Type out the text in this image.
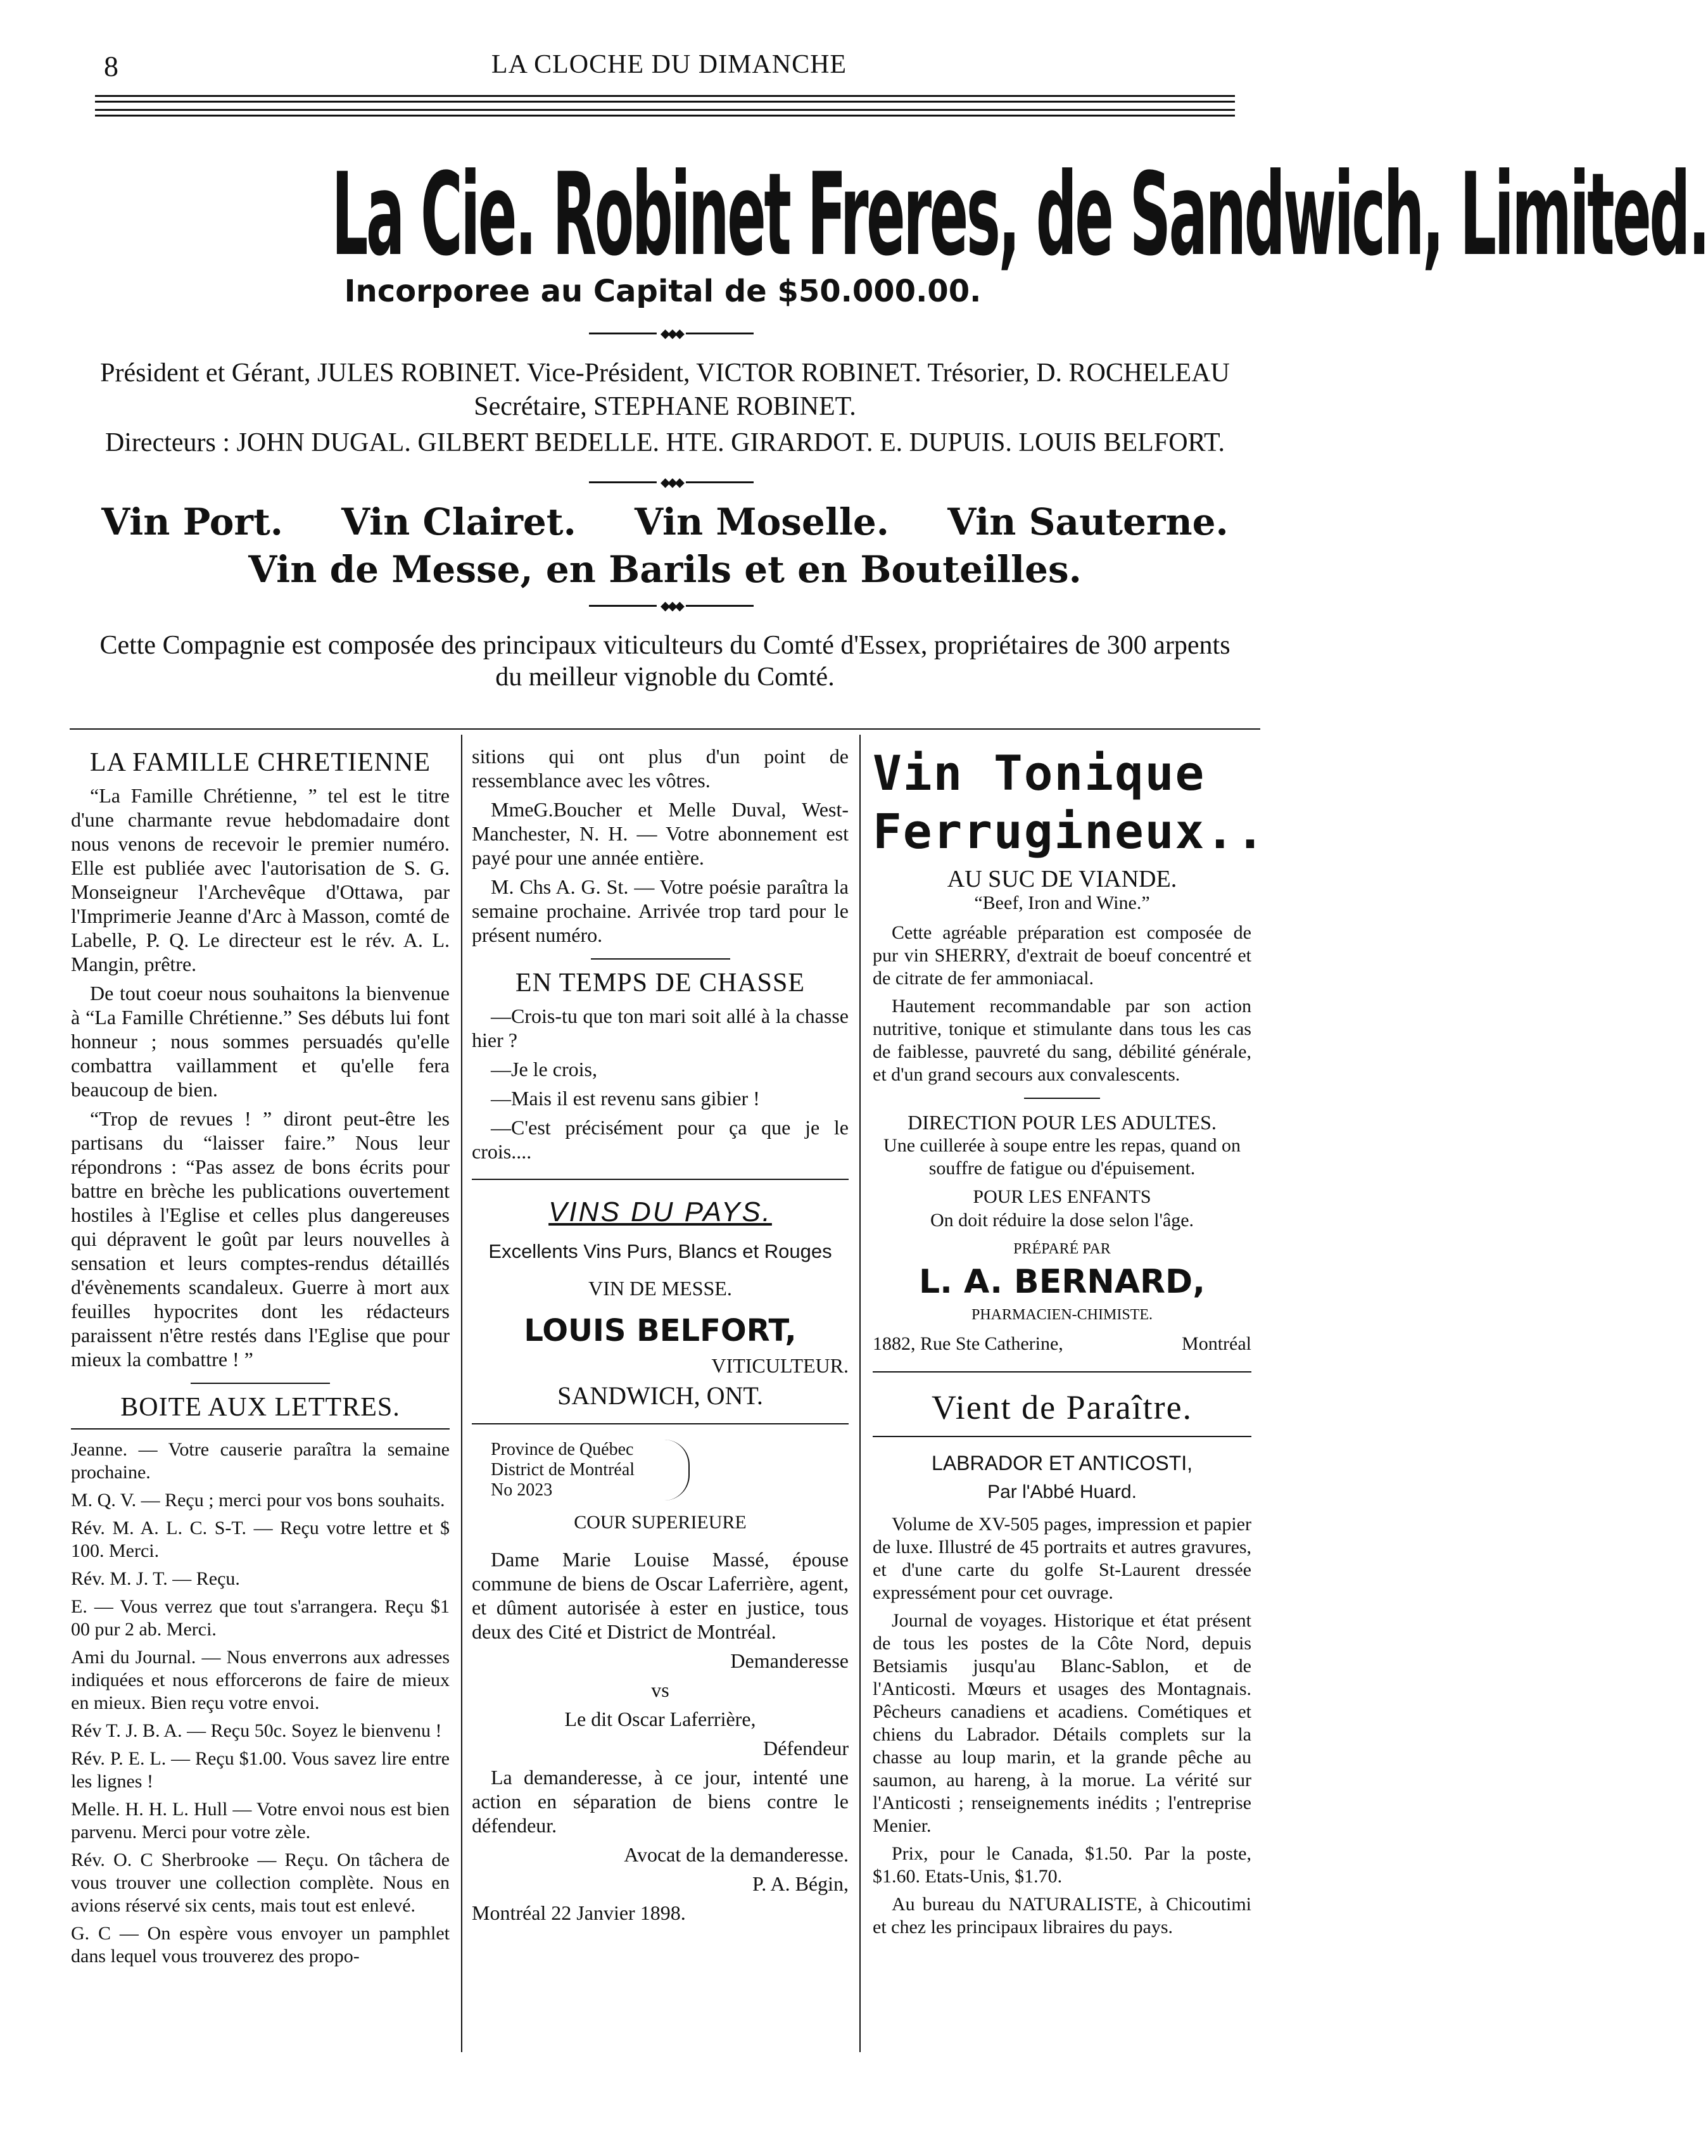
8	LA CLOCHE DU DIMANCHE
La Cie. Robinet Freres, de Sandwich, Limited.
Incorporee au Capital de $50.000.00.
◆◆◆
Président et Gérant, JULES ROBINET. Vice-Président, VICTOR ROBINET. Trésorier, D. ROCHELEAU
Secrétaire, STEPHANE ROBINET.
Directeurs : JOHN DUGAL. GILBERT BEDELLE. HTE. GIRARDOT. E. DUPUIS. LOUIS BELFORT.
◆◆◆
Vin Port. Vin Clairet. Vin Moselle. Vin Sauterne.
Vin de Messe, en Barils et en Bouteilles.
◆◆◆
Cette Compagnie est composée des principaux viticulteurs du Comté d'Essex, propriétaires de 300 arpents
du meilleur vignoble du Comté.
LA FAMILLE CHRETIENNE

“La Famille Chrétienne, ” tel est le titre d'une charmante revue hebdomadaire dont nous venons de recevoir le premier numéro. Elle est publiée avec l'autorisation de S. G. Monseigneur l'Archevêque d'Ottawa, par l'Imprimerie Jeanne d'Arc à Masson, comté de Labelle, P. Q. Le directeur est le rév. A. L. Mangin, prêtre.

De tout coeur nous souhaitons la bienvenue à “La Famille Chrétienne.” Ses débuts lui font honneur ; nous sommes persuadés qu'elle combattra vaillamment et qu'elle fera beaucoup de bien.

“Trop de revues ! ” diront peut-être les partisans du “laisser faire.” Nous leur répondrons : “Pas assez de bons écrits pour battre en brèche les publications ouvertement hostiles à l'Eglise et celles plus dangereuses qui dépravent le goût par leurs nouvelles à sensation et leurs comptes-rendus détaillés d'évènements scandaleux. Guerre à mort aux feuilles hypocrites dont les rédacteurs paraissent n'être restés dans l'Eglise que pour mieux la combattre ! ”

BOITE AUX LETTRES.

Jeanne. — Votre causerie paraîtra la semaine prochaine.

M. Q. V. — Reçu ; merci pour vos bons souhaits.

Rév. M. A. L. C. S-T. — Reçu votre lettre et $ 100. Merci.

Rév. M. J. T. — Reçu.

E. — Vous verrez que tout s'arrangera. Reçu $1 00 pur 2 ab. Merci.

Ami du Journal. — Nous enverrons aux adresses indiquées et nous efforcerons de faire de mieux en mieux. Bien reçu votre envoi.

Rév T. J. B. A. — Reçu 50c. Soyez le bienvenu !

Rév. P. E. L. — Reçu $1.00. Vous savez lire entre les lignes !

Melle. H. H. L. Hull — Votre envoi nous est bien parvenu. Merci pour votre zèle.

Rév. O. C Sherbrooke — Reçu. On tâchera de vous trouver une collection complète. Nous en avions réservé six cents, mais tout est enlevé.

G. C — On espère vous envoyer un pamphlet dans lequel vous trouverez des propo-

sitions qui ont plus d'un point de ressemblance avec les vôtres.

MmeG.Boucher et Melle Duval, West-Manchester, N. H. — Votre abonnement est payé pour une année entière.

M. Chs A. G. St. — Votre poésie paraîtra la semaine prochaine. Arrivée trop tard pour le présent numéro.

EN TEMPS DE CHASSE

—Crois-tu que ton mari soit allé à la chasse hier ?

—Je le crois,

—Mais il est revenu sans gibier !

—C'est précisément pour ça que je le crois....

VINS DU PAYS.
Excellents Vins Purs, Blancs et Rouges
VIN DE MESSE.
LOUIS BELFORT,
VITICULTEUR.
SANDWICH, ONT.
Province de Québec
District de Montréal
No 2023
COUR SUPERIEURE

Dame Marie Louise Massé, épouse commune de biens de Oscar Laferrière, agent, et dûment autorisée à ester en justice, tous deux des Cité et District de Montréal.

Demanderesse

vs

Le dit Oscar Laferrière,

Défendeur

La demanderesse, à ce jour, intenté une action en séparation de biens contre le défendeur.

Avocat de la demanderesse.

P. A. Bégin,

Montréal 22 Janvier 1898.

Vin Tonique
Ferrugineux..
AU SUC DE VIANDE.
“Beef, Iron and Wine.”

Cette agréable préparation est composée de pur vin SHERRY, d'extrait de boeuf concentré et de citrate de fer ammoniacal.

Hautement recommandable par son action nutritive, tonique et stimulante dans tous les cas de faiblesse, pauvreté du sang, débilité générale, et d'un grand secours aux convalescents.

DIRECTION POUR LES ADULTES.

Une cuillerée à soupe entre les repas, quand on souffre de fatigue ou d'épuisement.

POUR LES ENFANTS

On doit réduire la dose selon l'âge.

PRÉPARÉ PAR
L. A. BERNARD,
PHARMACIEN-CHIMISTE.
1882, Rue Ste Catherine,	Montréal
Vient de Paraître.
LABRADOR ET ANTICOSTI,
Par l'Abbé Huard.

Volume de XV-505 pages, impression et papier de luxe. Illustré de 45 portraits et autres gravures, et d'une carte du golfe St-Laurent dressée expressément pour cet ouvrage.

Journal de voyages. Historique et état présent de tous les postes de la Côte Nord, depuis Betsiamis jusqu'au Blanc-Sablon, et de l'Anticosti. Mœurs et usages des Montagnais. Pêcheurs canadiens et acadiens. Cométiques et chiens du Labrador. Détails complets sur la chasse au loup marin, et la grande pêche au saumon, au hareng, à la morue. La vérité sur l'Anticosti ; renseignements inédits ; l'entreprise Menier.

Prix, pour le Canada, $1.50. Par la poste, $1.60. Etats-Unis, $1.70.

Au bureau du NATURALISTE, à Chicoutimi et chez les principaux libraires du pays.
